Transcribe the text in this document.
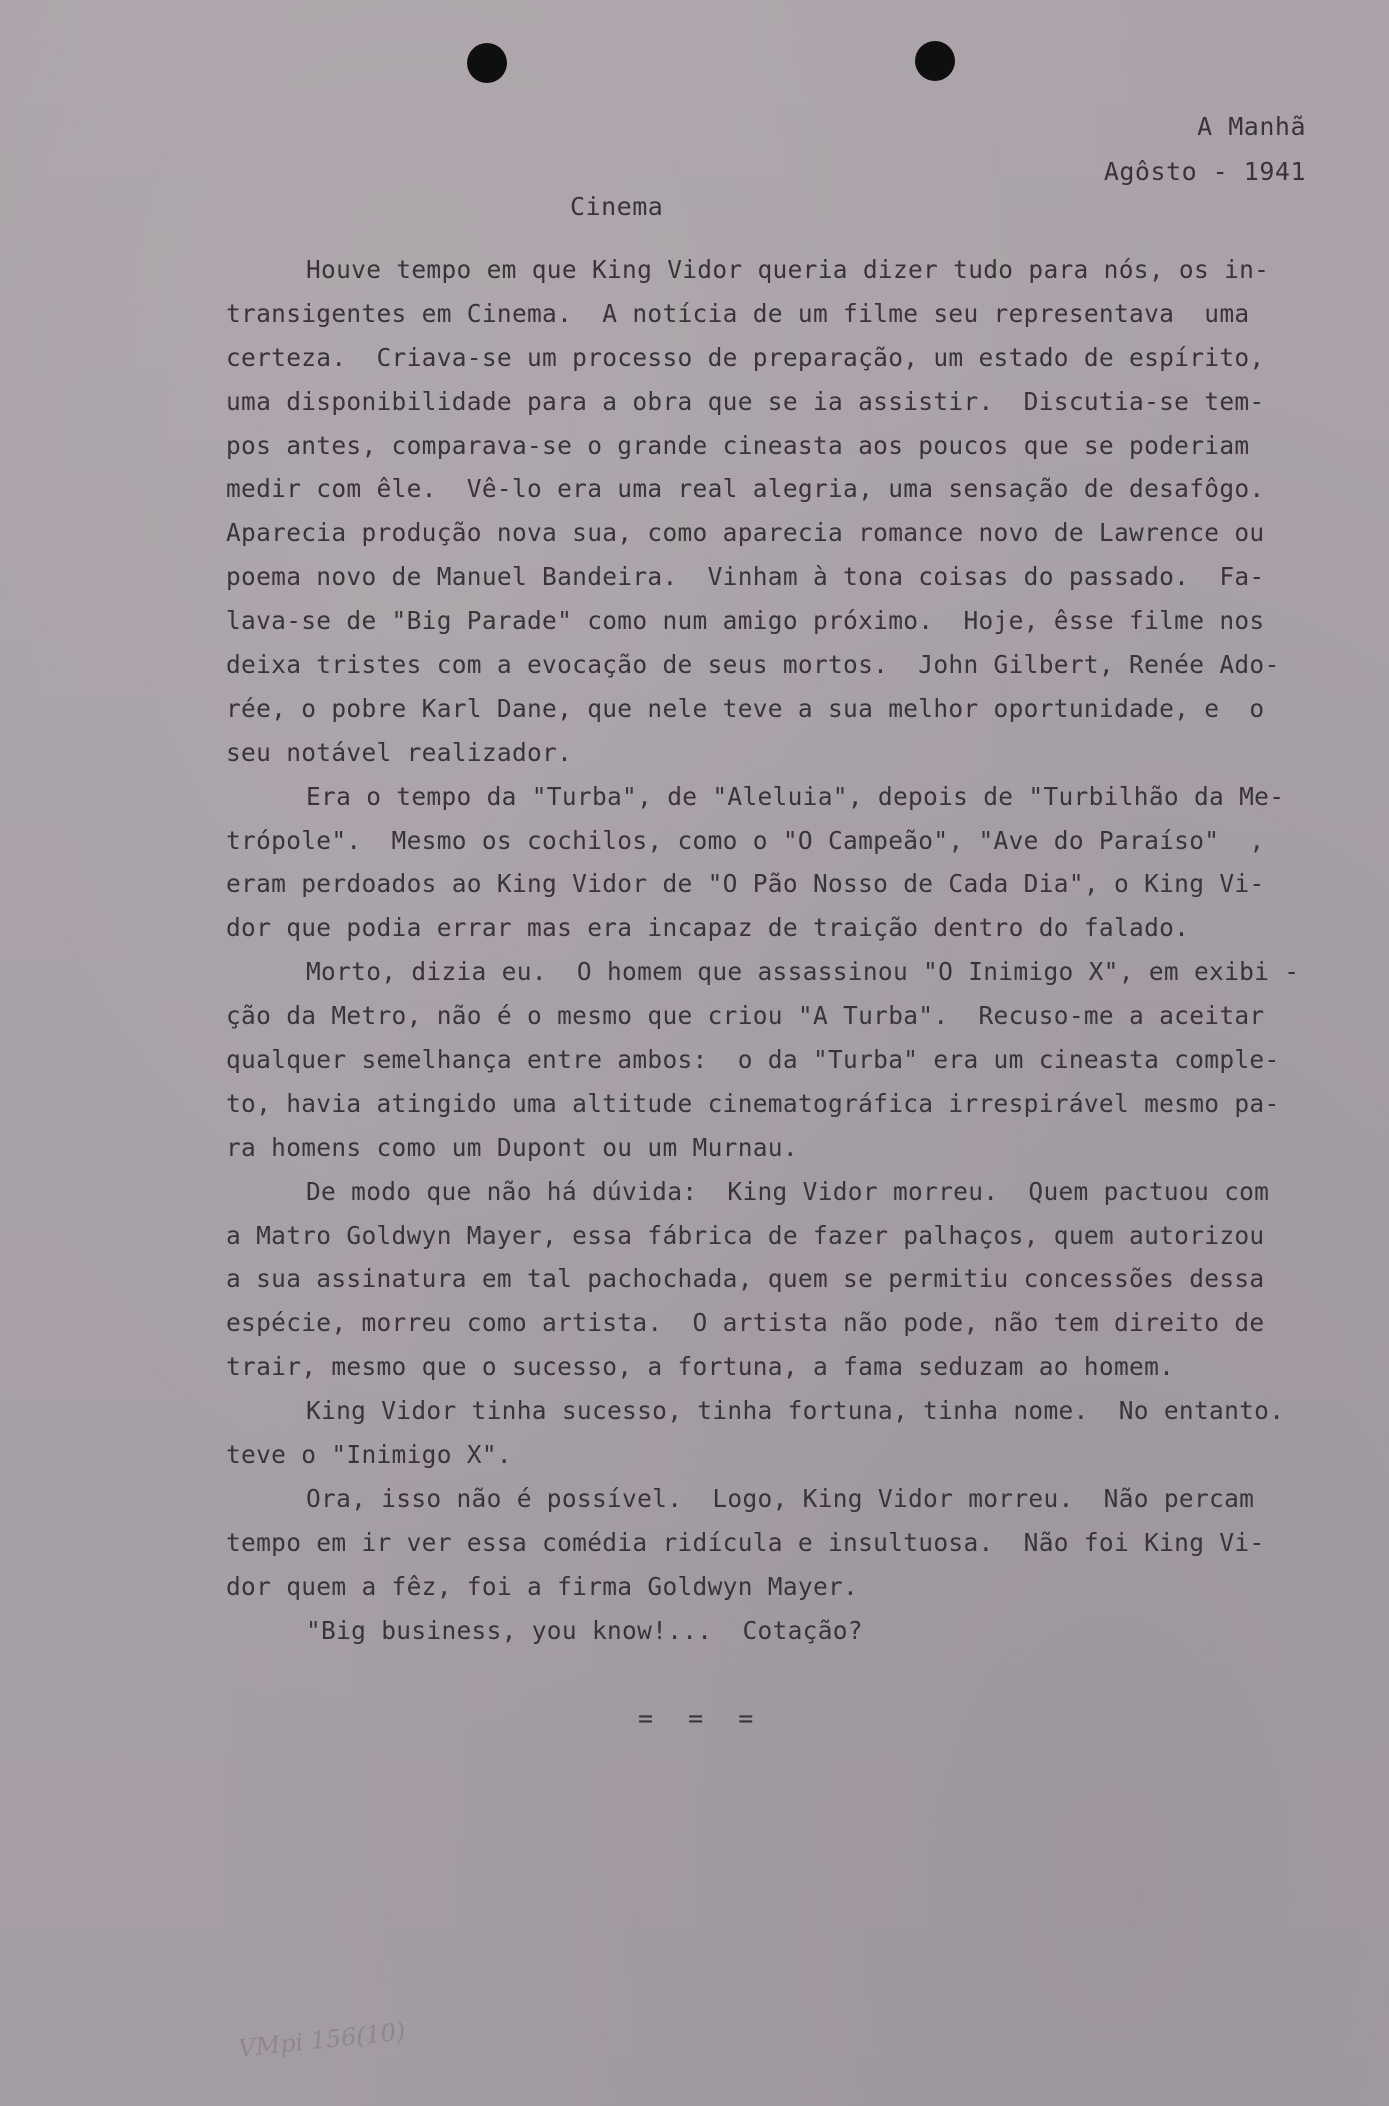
A Manhã
Agôsto - 1941
Cinema
Houve tempo em que King Vidor queria dizer tudo para nós, os in-
transigentes em Cinema.  A notícia de um filme seu representava  uma
certeza.  Criava-se um processo de preparação, um estado de espírito,
uma disponibilidade para a obra que se ia assistir.  Discutia-se tem-
pos antes, comparava-se o grande cineasta aos poucos que se poderiam
medir com êle.  Vê-lo era uma real alegria, uma sensação de desafôgo.
Aparecia produção nova sua, como aparecia romance novo de Lawrence ou
poema novo de Manuel Bandeira.  Vinham à tona coisas do passado.  Fa-
lava-se de "Big Parade" como num amigo próximo.  Hoje, êsse filme nos
deixa tristes com a evocação de seus mortos.  John Gilbert, Renée Ado-
rée, o pobre Karl Dane, que nele teve a sua melhor oportunidade, e  o
seu notável realizador.
Era o tempo da "Turba", de "Aleluia", depois de "Turbilhão da Me-
trópole".  Mesmo os cochilos, como o "O Campeão", "Ave do Paraíso"  ,
eram perdoados ao King Vidor de "O Pão Nosso de Cada Dia", o King Vi-
dor que podia errar mas era incapaz de traição dentro do falado.
Morto, dizia eu.  O homem que assassinou "O Inimigo X", em exibi -
ção da Metro, não é o mesmo que criou "A Turba".  Recuso-me a aceitar
qualquer semelhança entre ambos:  o da "Turba" era um cineasta comple-
to, havia atingido uma altitude cinematográfica irrespirável mesmo pa-
ra homens como um Dupont ou um Murnau.
De modo que não há dúvida:  King Vidor morreu.  Quem pactuou com
a Matro Goldwyn Mayer, essa fábrica de fazer palhaços, quem autorizou
a sua assinatura em tal pachochada, quem se permitiu concessões dessa
espécie, morreu como artista.  O artista não pode, não tem direito de
trair, mesmo que o sucesso, a fortuna, a fama seduzam ao homem.
King Vidor tinha sucesso, tinha fortuna, tinha nome.  No entanto.
teve o "Inimigo X".
Ora, isso não é possível.  Logo, King Vidor morreu.  Não percam
tempo em ir ver essa comédia ridícula e insultuosa.  Não foi King Vi-
dor quem a fêz, foi a firma Goldwyn Mayer.
"Big business, you know!...  Cotação?
= = =
VMpi 156(10)
